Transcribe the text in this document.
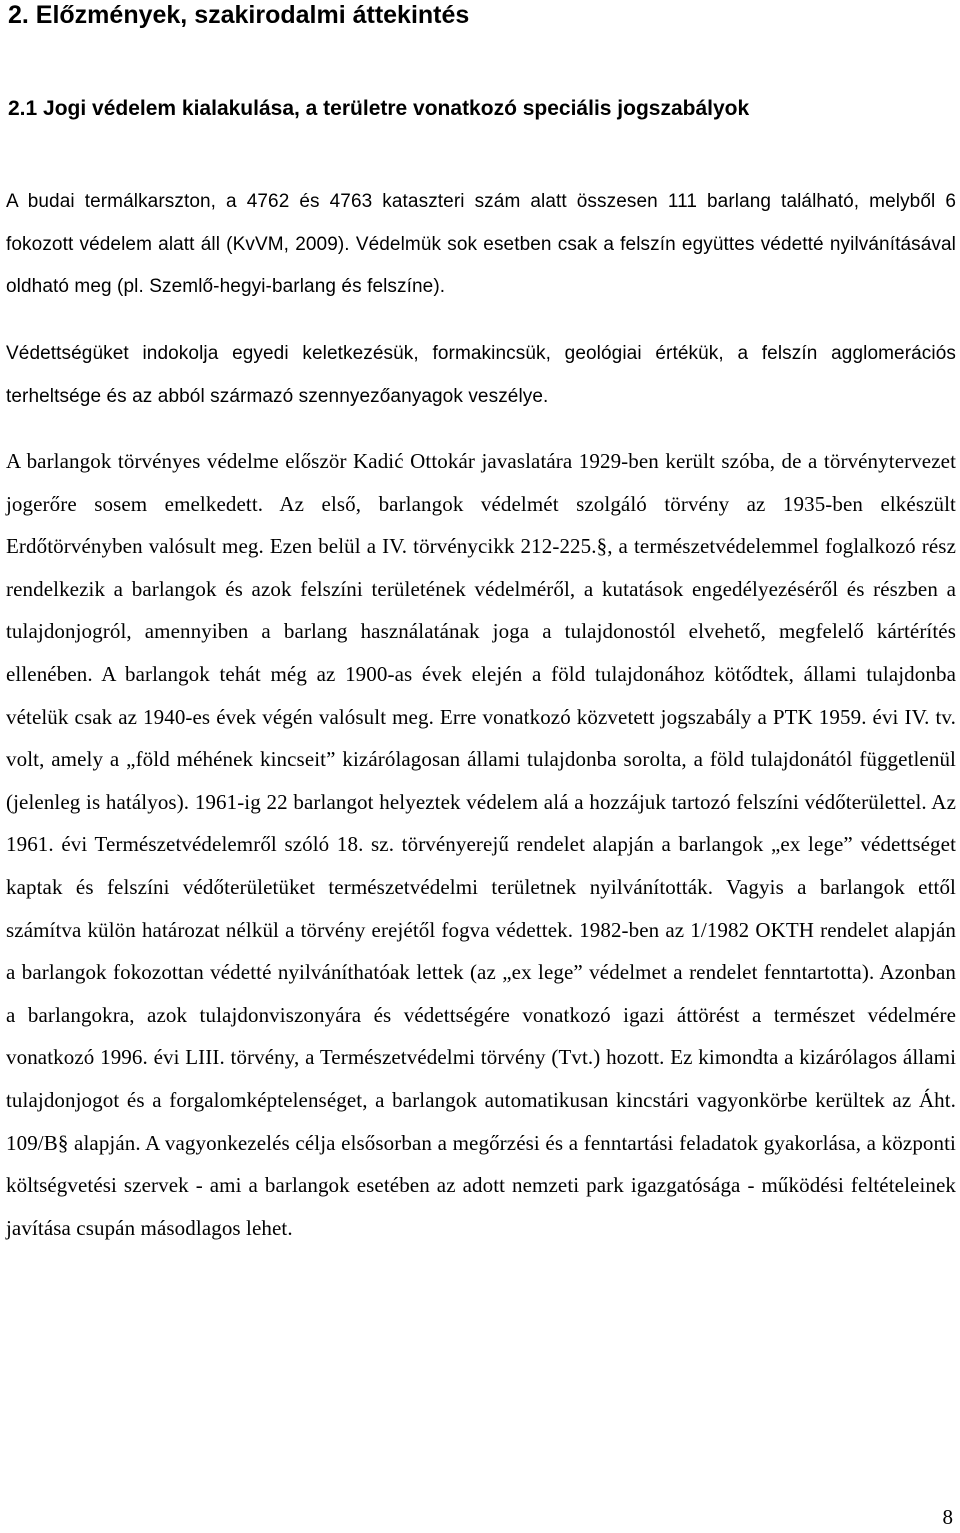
2. Előzmények, szakirodalmi áttekintés
2.1 Jogi védelem kialakulása, a területre vonatkozó speciális jogszabályok

A budai termálkarszton, a 4762 és 4763 kataszteri szám alatt összesen 111 barlang található, melyből 6 fokozott védelem alatt áll (KvVM, 2009). Védelmük sok esetben csak a felszín együttes védetté nyilvánításával oldható meg (pl. Szemlő-hegyi-barlang és felszíne).

Védettségüket indokolja egyedi keletkezésük, formakincsük, geológiai értékük, a felszín agglomerációs terheltsége és az abból származó szennyezőanyagok veszélye.

A barlangok törvényes védelme először Kadić Ottokár javaslatára 1929-ben került szóba, de a törvénytervezet jogerőre sosem emelkedett. Az első, barlangok védelmét szolgáló törvény az 1935-ben elkészült Erdőtörvényben valósult meg. Ezen belül a IV. törvénycikk 212-225.§, a természetvédelemmel foglalkozó rész rendelkezik a barlangok és azok felszíni területének védelméről, a kutatások engedélyezéséről és részben a tulajdonjogról, amennyiben a barlang használatának joga a tulajdonostól elvehető, megfelelő kártérítés ellenében. A barlangok tehát még az 1900-as évek elején a föld tulajdonához kötődtek, állami tulajdonba vételük csak az 1940-es évek végén valósult meg. Erre vonatkozó közvetett jogszabály a PTK 1959. évi IV. tv. volt, amely a „föld méhének kincseit” kizárólagosan állami tulajdonba sorolta, a föld tulajdonától függetlenül (jelenleg is hatályos). 1961-ig 22 barlangot helyeztek védelem alá a hozzájuk tartozó felszíni védőterülettel. Az 1961. évi Természetvédelemről szóló 18. sz. törvényerejű rendelet alapján a barlangok „ex lege” védettséget kaptak és felszíni védőterületüket természetvédelmi területnek nyilvánították. Vagyis a barlangok ettől számítva külön határozat nélkül a törvény erejétől fogva védettek. 1982-ben az 1/1982 OKTH rendelet alapján a barlangok fokozottan védetté nyilváníthatóak lettek (az „ex lege” védelmet a rendelet fenntartotta). Azonban a barlangokra, azok tulajdonviszonyára és védettségére vonatkozó igazi áttörést a természet védelmére vonatkozó 1996. évi LIII. törvény, a Természetvédelmi törvény (Tvt.) hozott. Ez kimondta a kizárólagos állami tulajdonjogot és a forgalomképtelenséget, a barlangok automatikusan kincstári vagyonkörbe kerültek az Áht. 109/B§ alapján. A vagyonkezelés célja elsősorban a megőrzési és a fenntartási feladatok gyakorlása, a központi költségvetési szervek - ami a barlangok esetében az adott nemzeti park igazgatósága - működési feltételeinek javítása csupán másodlagos lehet.

8
